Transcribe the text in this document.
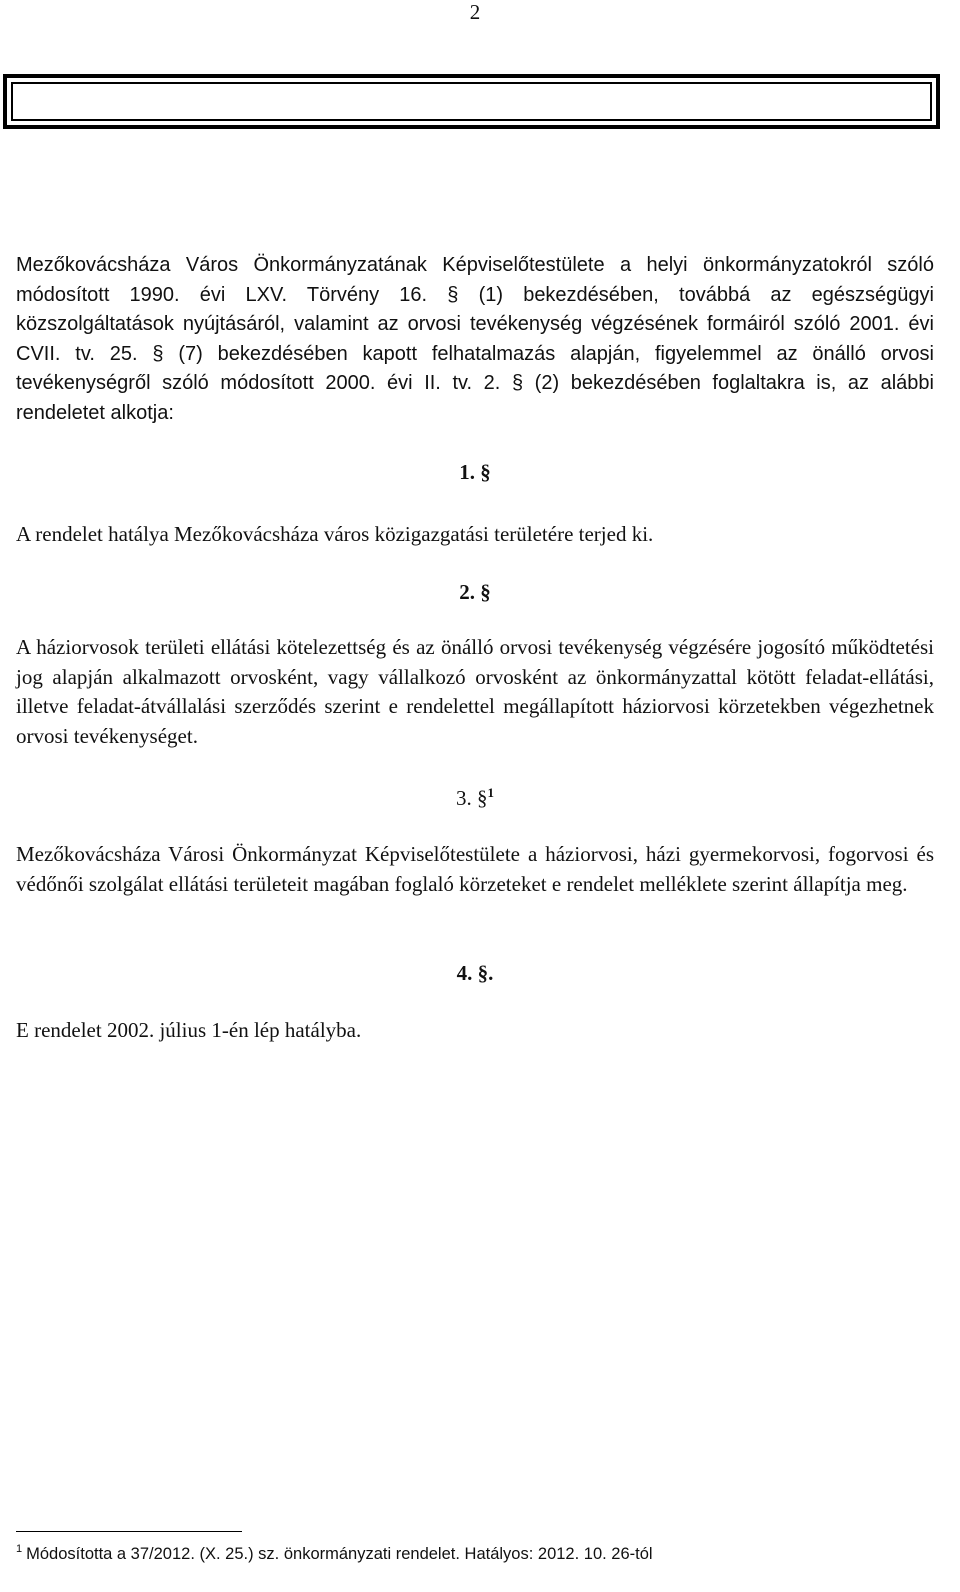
2

Mezőkovácsháza Város Önkormányzatának Képviselőtestülete a helyi önkormányzatokról szóló módosított 1990. évi LXV. Törvény 16. § (1) bekezdésében, továbbá az egészségügyi közszolgáltatások nyújtásáról, valamint az orvosi tevékenység végzésének formáiról szóló 2001. évi CVII. tv. 25. § (7) bekezdésében kapott felhatalmazás alapján, figyelemmel az önálló orvosi tevékenységről szóló módosított 2000. évi II. tv. 2. § (2) bekezdésében foglaltakra is, az alábbi rendeletet alkotja:

1. §

A rendelet hatálya Mezőkovácsháza város közigazgatási területére terjed ki.

2. §

A háziorvosok területi ellátási kötelezettség és az önálló orvosi tevékenység végzésére jogosító működtetési jog alapján alkalmazott orvosként, vagy vállalkozó orvosként az önkormányzattal kötött feladat-ellátási, illetve feladat-átvállalási szerződés szerint e rendelettel megállapított háziorvosi körzetekben végezhetnek orvosi tevékenységet.

3. §$^1$

Mezőkovácsháza Városi Önkormányzat Képviselőtestülete a háziorvosi, házi gyermekorvosi, fogorvosi és védőnői szolgálat ellátási területeit magában foglaló körzeteket e rendelet melléklete szerint állapítja meg.

4. §.

E rendelet 2002. július 1-én lép hatályba.

$^1$ Módosította a 37/2012. (X. 25.) sz. önkormányzati rendelet. Hatályos: 2012. 10. 26-tól
